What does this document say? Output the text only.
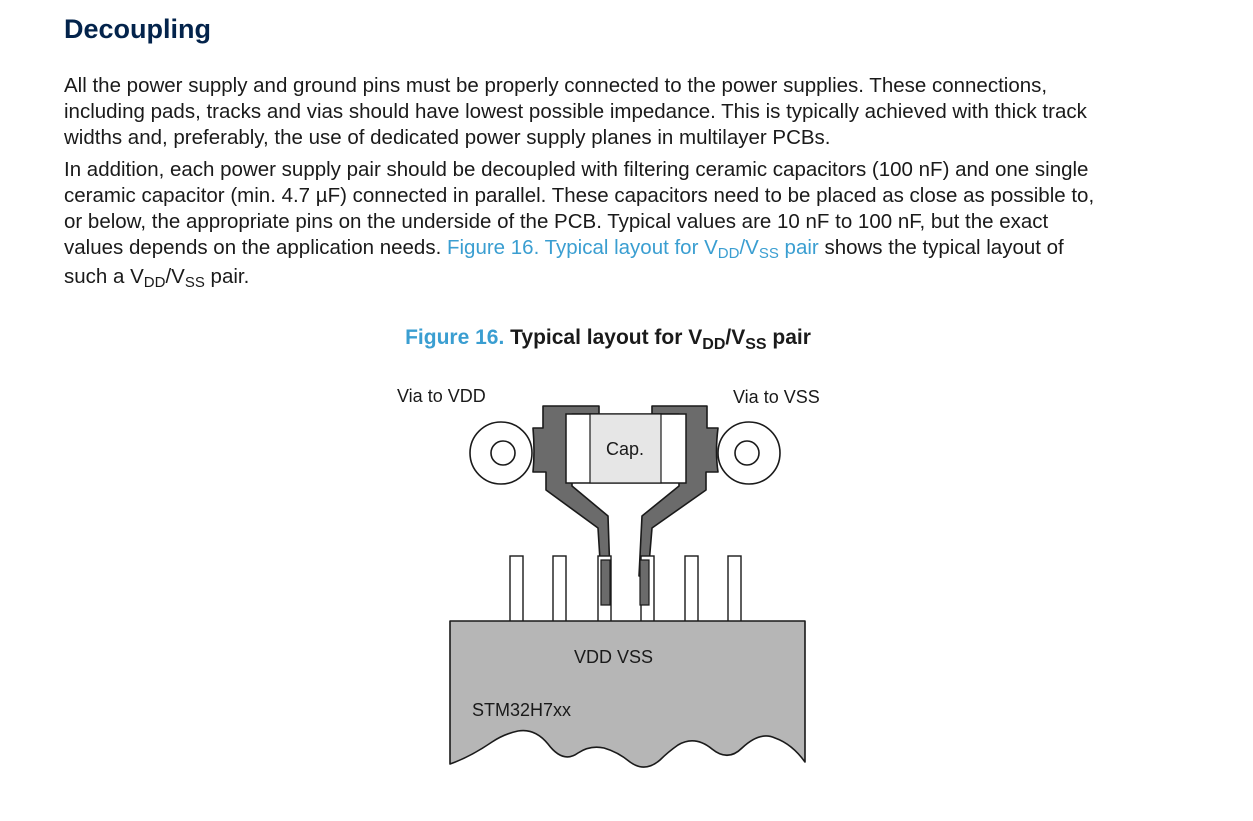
Decoupling
All the power supply and ground pins must be properly connected to the power supplies. These connections,
including pads, tracks and vias should have lowest possible impedance. This is typically achieved with thick track
widths and, preferably, the use of dedicated power supply planes in multilayer PCBs.
In addition, each power supply pair should be decoupled with filtering ceramic capacitors (100 nF) and one single
ceramic capacitor (min. 4.7 µF) connected in parallel. These capacitors need to be placed as close as possible to,
or below, the appropriate pins on the underside of the PCB. Typical values are 10 nF to 100 nF, but the exact
values depends on the application needs. Figure 16. Typical layout for $V_{DD}/V_{SS}$ pair shows the typical layout of
such a $V_{DD}/V_{SS}$ pair.
Figure 16. Typical layout for $V_{DD}/V_{SS}$ pair
Via to VDD	Via to VSS
Cap.
VDD VSS
STM32H7xx
